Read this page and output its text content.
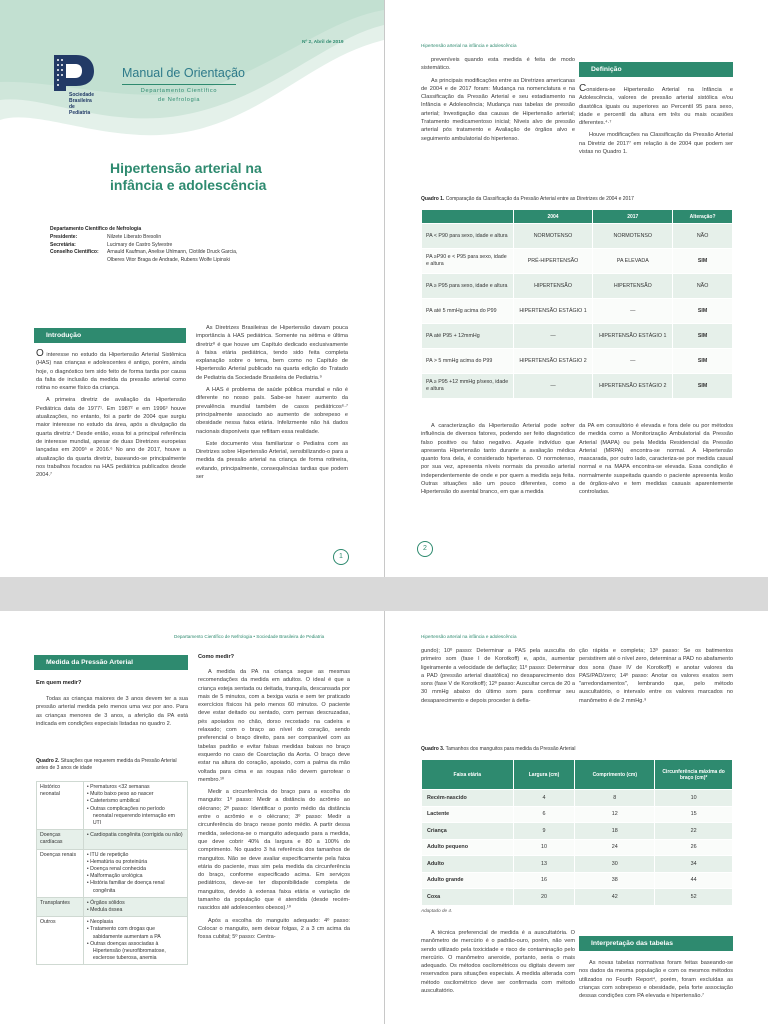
Nº 2, Abril de 2019
Sociedade
Brasileira
de Pediatria
Manual de Orientação
Departamento Científico
de Nefrologia
Hipertensão arterial na
infância e adolescência
Departamento Científico de Nefrologia
Presidente:	Nilzete Liberato Bresolin
Secretária:	Lucimary de Castro Sylvestre
Conselho Científico:	Arnauld Kaufman, Anelise Uhlmann, Clotilde Druck Garcia,
Olberes Vitor Braga de Andrade, Rubens Wolfe Lipinski
Introdução

O interesse no estudo da Hipertensão Arterial Sistêmica (HAS) nas crianças e adolescentes é antigo, porém, ainda hoje, o diagnóstico tem sido feito de forma tardia por causa da falta de inclusão da medida da pressão arterial como rotina no exame físico da criança.

A primeira diretriz de avaliação da Hipertensão Pediátrica data de 1977¹. Em 1987² e em 1996³ houve atualizações, no entanto, foi a partir de 2004 que surgiu maior interesse no estudo da área, após a divulgação da quarta diretriz.⁴ Desde então, essa foi a principal referência de interesse mundial, apesar de duas Diretrizes europeias lançadas em 2009⁵ e 2016.⁶ No ano de 2017, houve a atualização da quarta diretriz, baseando-se principalmente nos trabalhos focados na HAS pediátrica publicados desde 2004.⁷

As Diretrizes Brasileiras de Hipertensão davam pouca importância à HAS pediátrica. Somente na sétima e última diretriz⁸ é que houve um Capítulo dedicado exclusivamente à faixa etária pediátrica, tendo sido feita completa explanação sobre o tema, bem como no Capítulo de Hipertensão Arterial publicado na quarta edição do Tratado de Pediatria da Sociedade Brasileira de Pediatria.⁹

A HAS é problema de saúde pública mundial e não é diferente no nosso país. Sabe-se haver aumento da prevalência mundial também de casos pediátricos⁶·⁷ principalmente associado ao aumento de sobrepeso e obesidade nessa faixa etária. Infelizmente não há dados nacionais disponíveis que reflitam essa realidade.

Este documento visa familiarizar o Pediatra com as Diretrizes sobre Hipertensão Arterial, sensibilizando-o para a medida da pressão arterial na criança de forma rotineira, evitando, principalmente, consequências tardias que podem ser

1
Hipertensão arterial na infância e adolescência

preveníveis quando esta medida é feita de modo sistemático.

As principais modificações entre as Diretrizes americanas de 2004 e de 2017 foram: Mudança na nomenclatura e na Classificação da Pressão Arterial e seu estadiamento na Infância e Adolescência; Mudança nas tabelas de pressão arterial; Investigação das causas de Hipertensão arterial; Tratamento medicamentoso inicial; Níveis alvo de pressão arterial pós tratamento e Avaliação de órgãos alvo e seguimento ambulatorial do hipertenso.

Definição

Considera-se Hipertensão Arterial na Infância e Adolescência, valores de pressão arterial sistólica e/ou diastólica iguais ou superiores ao Percentil 95 para sexo, idade e percentil da altura em três ou mais ocasiões diferentes.⁴·⁷

Houve modificações na Classificação da Pressão Arterial na Diretriz de 2017⁷ em relação à de 2004 que podem ser vistas no Quadro 1.

Quadro 1. Comparação da Classificação da Pressão Arterial entre as Diretrizes de 2004 e 2017
	2004	2017	Alteração?
PA < P90 para sexo, idade e altura	NORMOTENSO	NORMOTENSO	NÃO
PA ≥P90 e < P95 para sexo, idade e altura	PRÉ-HIPERTENSÃO	PA ELEVADA	SIM
PA ≥ P95 para sexo, idade e altura	HIPERTENSÃO	HIPERTENSÃO	NÃO
PA até 5 mmHg acima do P99	HIPERTENSÃO ESTÁGIO 1	—	SIM
PA até P95 + 12mmHg	—	HIPERTENSÃO ESTÁGIO 1	SIM
PA > 5 mmHg acima do P99	HIPERTENSÃO ESTÁGIO 2	—	SIM
PA ≥ P95 +12 mmHg p/sexo, idade e altura	—	HIPERTENSÃO ESTÁGIO 2	SIM

A caracterização da Hipertensão Arterial pode sofrer influência de diversos fatores, podendo ser feito diagnóstico falso positivo ou falso negativo. Aquele indivíduo que apresenta Hipertensão tanto durante a avaliação médica quanto fora dela, é considerado hipertenso. O normotenso, por sua vez, apresenta níveis normais da pressão arterial independentemente de onde e por quem a medida seja feita. Outras situações são um pouco diferentes, como a Hipertensão do avental branco, em que a medida

da PA em consultório é elevada e fora dele ou por métodos de medida como a Monitorização Ambulatorial da Pressão Arterial (MAPA) ou pela Medida Residencial da Pressão Arterial (MRPA) encontra-se normal. A Hipertensão mascarada, por outro lado, caracteriza-se por medida casual normal e na MAPA encontra-se elevada. Essa condição é normalmente suspeitada quando o paciente apresenta lesão de órgãos-alvo e tem medidas casuais aparentemente controladas.

2
Departamento Científico de Nefrologia • Sociedade Brasileira de Pediatria
Medida da Pressão Arterial
Em quem medir?
Todas as crianças maiores de 3 anos devem ter a sua pressão arterial medida pelo menos uma vez por ano. Para as crianças menores de 3 anos, a aferição da PA está indicada em condições especiais listadas no quadro 2.
Quadro 2. Situações que requerem medida da Pressão Arterial antes de 3 anos de idade
Histórico neonatal	• Prematuros <32 semanas
• Muito baixo peso ao nascer
• Cateterismo umbilical
• Outras complicações no período neonatal requerendo internação em UTI

Doenças cardíacas	• Cardiopatia congênita (corrigida ou não)

Doenças renais	• ITU de repetição
• Hematúria ou proteinúria
• Doença renal conhecida
• Malformação urológica
• História familiar de doença renal congênita

Transplantes	• Órgãos sólidos
• Medula óssea

Outros	• Neoplasia
• Tratamento com drogas que sabidamente aumentam a PA
• Outras doenças associadas à Hipertensão (neurofibromatose, esclerose tuberosa, anemia
Como medir?

A medida da PA na criança segue as mesmas recomendações da medida em adultos. O ideal é que a criança esteja sentada ou deitada, tranquila, descansada por mais de 5 minutos, com a bexiga vazia e sem ter praticado exercícios físicos há pelo menos 60 minutos. O paciente deve estar deitado ou sentado, com pernas descruzadas, pés apoiados no chão, dorso recostado na cadeira e relaxado; com o braço ao nível do coração, sendo preferencial o braço direito, para ser comparável com as tabelas padrão e evitar falsas medidas baixas no braço esquerdo no caso de Coarctação da Aorta. O braço deve estar na altura do coração, apoiado, com a palma da mão voltada para cima e as roupas não devem garrotear o membro.¹⁰

Medir a circunferência do braço para a escolha do manguito: 1º passo: Medir a distância do acrômio ao olécrano; 2º passo: Identificar o ponto médio da distância entre o acrômio e o olécrano; 3º passo: Medir a circunferência do braço nesse ponto médio. A partir dessa medida, seleciona-se o manguito adequado para a medida, que deve cobrir 40% da largura e 80 a 100% do comprimento. No quadro 3 há referência dos tamanhos de manguitos. Não se deve avaliar especificamente pela faixa etária do paciente, mas sim pela medida da circunferência do braço, conforme especificado acima. Em serviços pediátricos, deve-se ter disponibilidade completa de manguitos, devido à extensa faixa etária e variação de tamanho da população que é atendida (desde recém-nascidos até adolescentes obesos).¹⁰

Após a escolha do manguito adequado: 4º passo: Colocar o manguito, sem deixar folgas, 2 a 3 cm acima da fossa cubital; 5º passo: Centra-

Hipertensão arterial na infância e adolescência
gundo); 10º passo: Determinar a PAS pela ausculta do primeiro som (fase I de Korotkoff) e, após, aumentar ligeiramente a velocidade de deflação; 11º passo: Determinar a PAD (pressão arterial diastólica) no desaparecimento dos sons (fase V de Korotkoff); 12º passo: Auscultar cerca de 20 a 30 mmHg abaixo do último som para confirmar seu desaparecimento e depois proceder à defla-
ção rápida e completa; 13º passo: Se os batimentos persistirem até o nível zero, determinar a PAD no abafamento dos sons (fase IV de Korotkoff) e anotar valores da PAS/PAD/zero; 14º passo: Anotar os valores exatos sem "arredondamentos", lembrando que, pelo método auscultatório, o intervalo entre os valores marcados no manômetro é de 2 mmHg.⁹
Quadro 3. Tamanhos dos manguitos para medida da Pressão Arterial
Faixa etária	Largura (cm)	Comprimento (cm)	Circunferência máxima do braço (cm)*
Recém-nascido	4	8	10
Lactente	6	12	15
Criança	9	18	22
Adulto pequeno	10	24	26
Adulto	13	30	34
Adulto grande	16	38	44
Coxa	20	42	52
Adaptado de 4.
A técnica preferencial de medida é a auscultatória. O manômetro de mercúrio é o padrão-ouro, porém, não vem sendo utilizado pela toxicidade e risco de contaminação pelo mercúrio. O manômetro aneroide, portanto, seria o mais adequado. Os métodos oscilométricos ou digitais devem ser reservados para situações especiais. A medida alterada com método oscilométrico deve ser confirmada com método auscultatório.
Interpretação das tabelas
As novas tabelas normativas foram feitas baseando-se nos dados da mesma população e com os mesmos métodos utilizados no Fourth Report⁴, porém, foram excluídas as crianças com sobrepeso e obesidade, pela forte associação dessas condições com PA elevada e hipertensão.⁷
